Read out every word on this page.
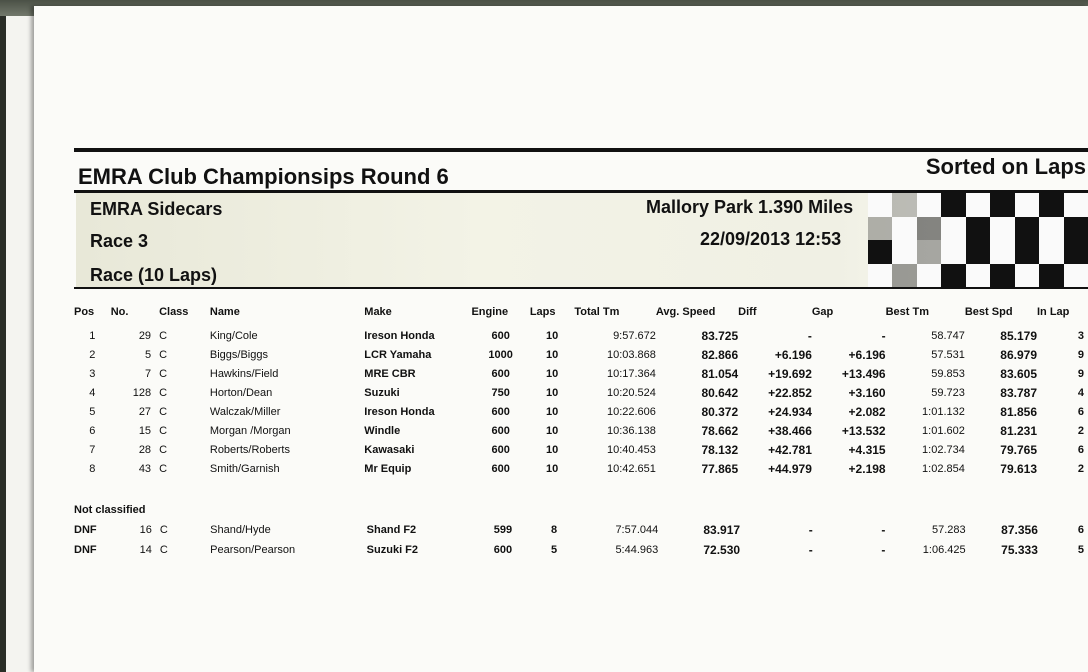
EMRA Club Championsips Round 6	Sorted on Laps
EMRA Sidecars
Race 3
Race (10 Laps)
Mallory Park 1.390 Miles
22/09/2013 12:53
Pos	No.	Class	Name	Make	Engine	Laps	Total Tm	Avg. Speed	Diff	Gap	Best Tm	Best Spd	In Lap
1	29	C	King/Cole	Ireson Honda	600	10	9:57.672	83.725	-	-	58.747	85.179	3
2	5	C	Biggs/Biggs	LCR Yamaha	1000	10	10:03.868	82.866	+6.196	+6.196	57.531	86.979	9
3	7	C	Hawkins/Field	MRE CBR	600	10	10:17.364	81.054	+19.692	+13.496	59.853	83.605	9
4	128	C	Horton/Dean	Suzuki	750	10	10:20.524	80.642	+22.852	+3.160	59.723	83.787	4
5	27	C	Walczak/Miller	Ireson Honda	600	10	10:22.606	80.372	+24.934	+2.082	1:01.132	81.856	6
6	15	C	Morgan /Morgan	Windle	600	10	10:36.138	78.662	+38.466	+13.532	1:01.602	81.231	2
7	28	C	Roberts/Roberts	Kawasaki	600	10	10:40.453	78.132	+42.781	+4.315	1:02.734	79.765	6
8	43	C	Smith/Garnish	Mr Equip	600	10	10:42.651	77.865	+44.979	+2.198	1:02.854	79.613	2
Not classified
DNF	16	C	Shand/Hyde	Shand F2	599	8	7:57.044	83.917	-	-	57.283	87.356	6
DNF	14	C	Pearson/Pearson	Suzuki F2	600	5	5:44.963	72.530	-	-	1:06.425	75.333	5
